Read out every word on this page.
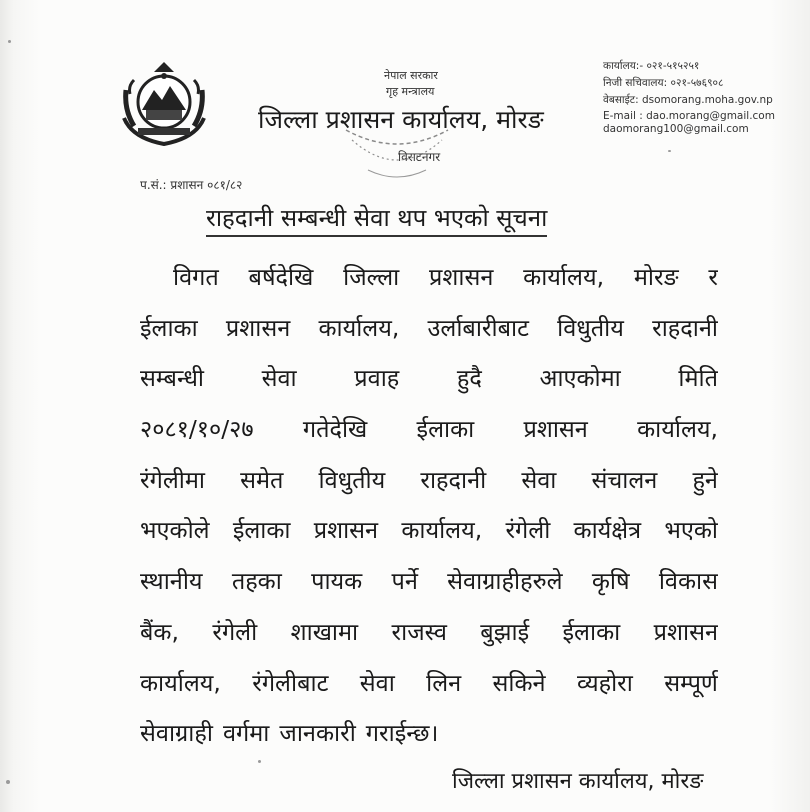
नेपाल सरकार
गृह मन्त्रालय
जिल्ला प्रशासन कार्यालय, मोरङ
विराटनगर
कार्यालय:- ०२१-५१५२५१
निजी सचिवालय: ०२१-५७६९०८
वेबसाईट: dsomorang.moha.gov.np
E-mail : dao.morang@gmail.com
daomorang100@gmail.com
प.सं.: प्रशासन ०८१/८२
राहदानी सम्बन्धी सेवा थप भएको सूचना
विगत बर्षदेखि जिल्ला प्रशासन कार्यालय, मोरङ र
ईलाका प्रशासन कार्यालय, उर्लाबारीबाट विधुतीय राहदानी
सम्बन्धी सेवा प्रवाह हुदै आएकोमा मिति
२०८१/१०/२७ गतेदेखि ईलाका प्रशासन कार्यालय,
रंगेलीमा समेत विधुतीय राहदानी सेवा संचालन हुने
भएकोले ईलाका प्रशासन कार्यालय, रंगेली कार्यक्षेत्र भएको
स्थानीय तहका पायक पर्ने सेवाग्राहीहरुले कृषि विकास
बैंक, रंगेली शाखामा राजस्व बुझाई ईलाका प्रशासन
कार्यालय, रंगेलीबाट सेवा लिन सकिने व्यहोरा सम्पूर्ण
सेवाग्राही वर्गमा जानकारी गराईन्छ।
जिल्ला प्रशासन कार्यालय, मोरङ
